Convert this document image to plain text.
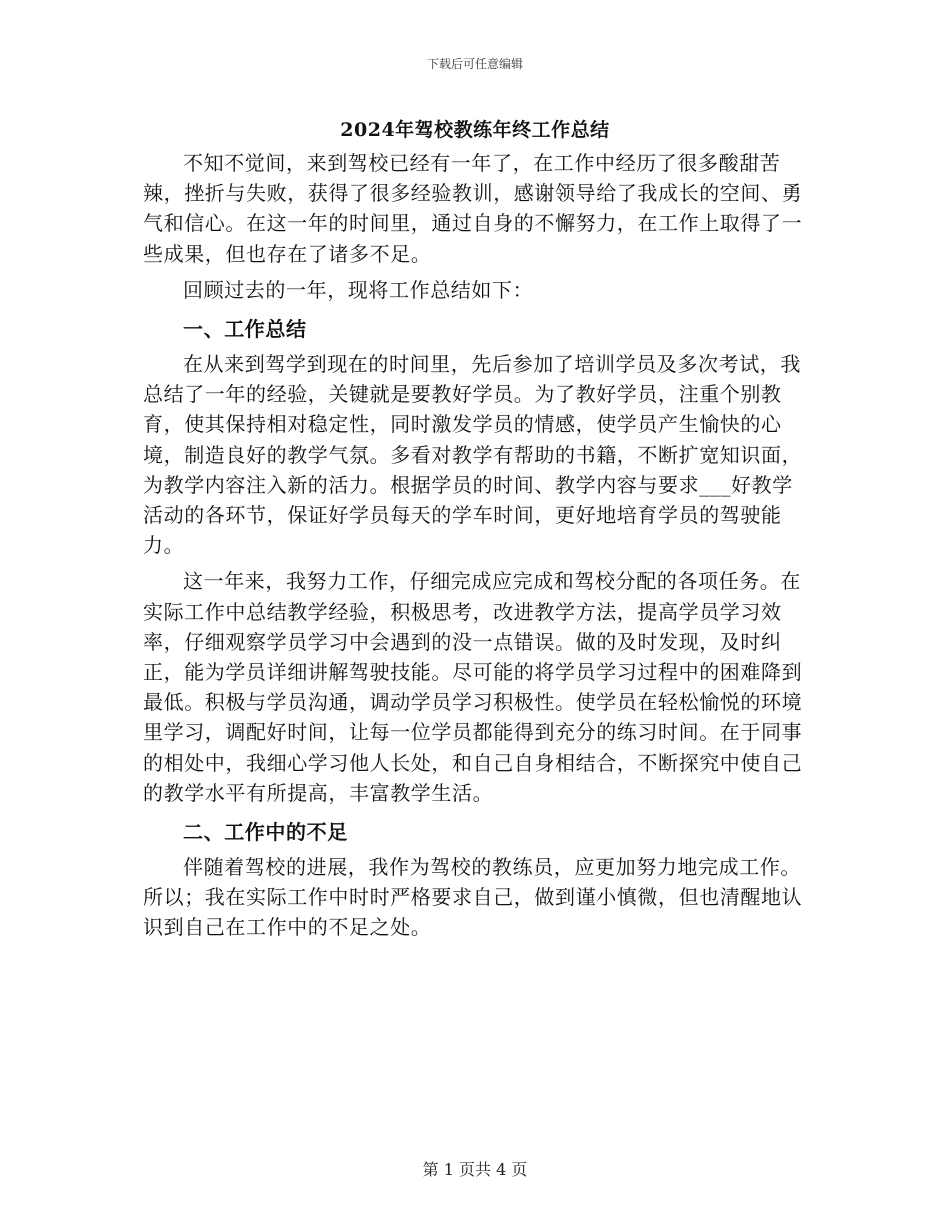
下载后可任意编辑
2024年驾校教练年终工作总结

不知不觉间，来到驾校已经有一年了，在工作中经历了很多酸甜苦辣，挫折与失败，获得了很多经验教训，感谢领导给了我成长的空间、勇气和信心。在这一年的时间里，通过自身的不懈努力，在工作上取得了一些成果，但也存在了诸多不足。

回顾过去的一年，现将工作总结如下：

一、工作总结

在从来到驾学到现在的时间里，先后参加了培训学员及多次考试，我总结了一年的经验，关键就是要教好学员。为了教好学员，注重个别教育，使其保持相对稳定性，同时激发学员的情感，使学员产生愉快的心境，制造良好的教学气氛。多看对教学有帮助的书籍，不断扩宽知识面，为教学内容注入新的活力。根据学员的时间、教学内容与要求___好教学活动的各环节，保证好学员每天的学车时间，更好地培育学员的驾驶能力。

这一年来，我努力工作，仔细完成应完成和驾校分配的各项任务。在实际工作中总结教学经验，积极思考，改进教学方法，提高学员学习效率，仔细观察学员学习中会遇到的没一点错误。做的及时发现，及时纠正，能为学员详细讲解驾驶技能。尽可能的将学员学习过程中的困难降到最低。积极与学员沟通，调动学员学习积极性。使学员在轻松愉悦的环境里学习，调配好时间，让每一位学员都能得到充分的练习时间。在于同事的相处中，我细心学习他人长处，和自己自身相结合，不断探究中使自己的教学水平有所提高，丰富教学生活。

二、工作中的不足

伴随着驾校的进展，我作为驾校的教练员，应更加努力地完成工作。所以；我在实际工作中时时严格要求自己，做到谨小慎微，但也清醒地认识到自己在工作中的不足之处。

第 1 页共 4 页
